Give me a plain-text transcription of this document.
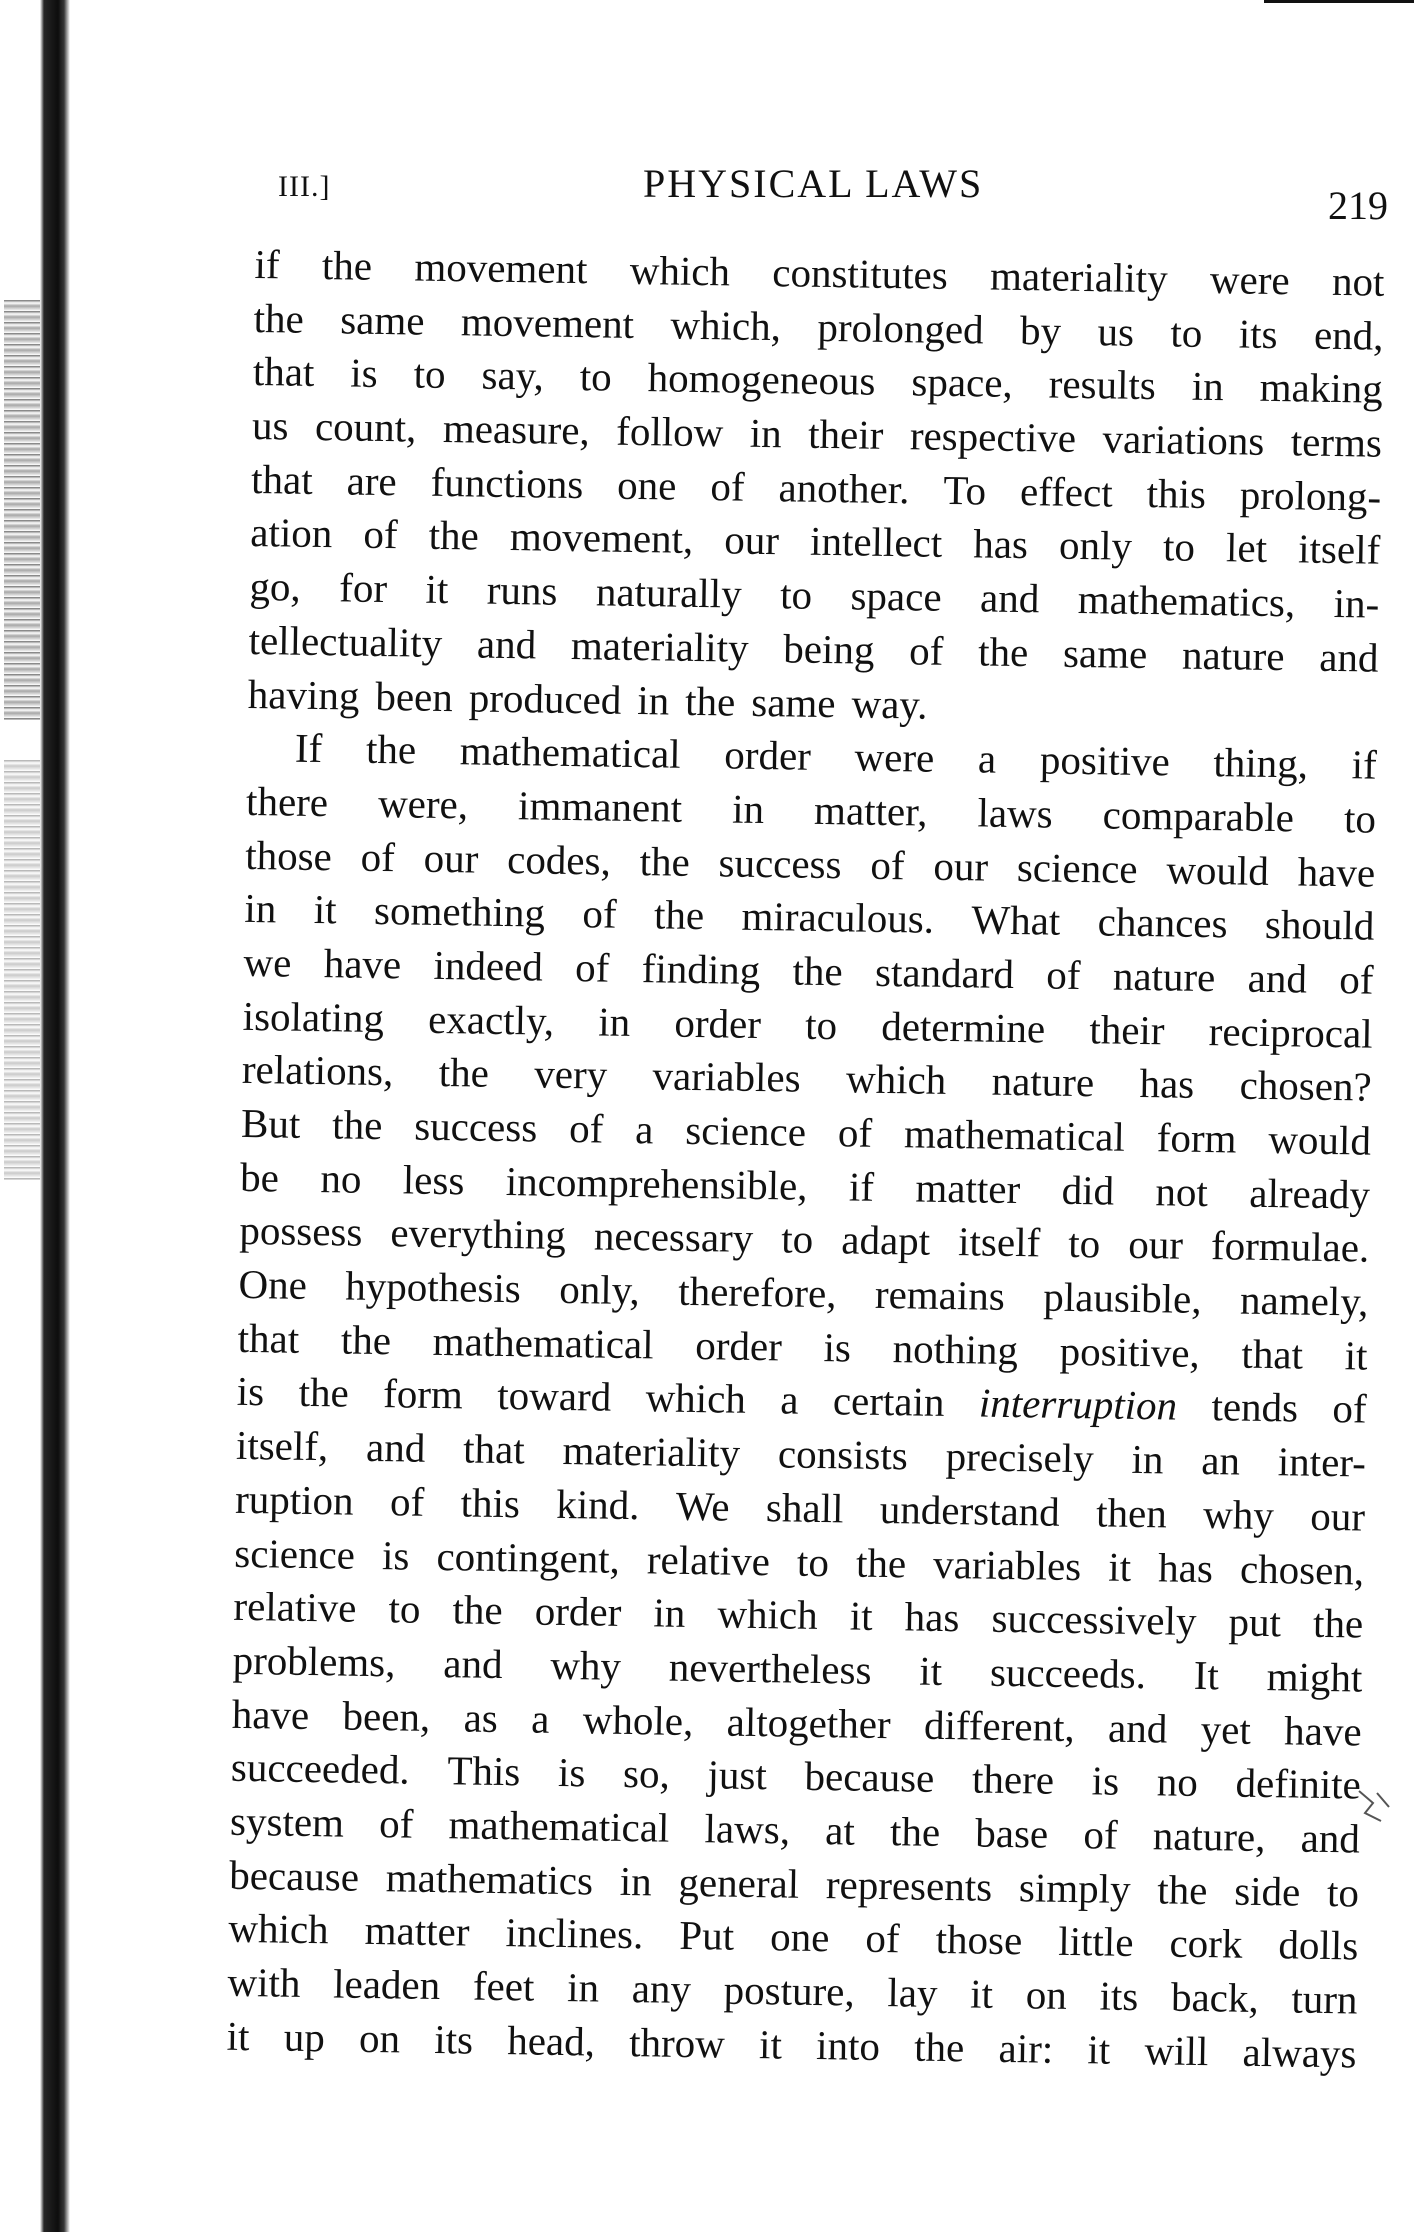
III.]	PHYSICAL LAWS	219
if the movement which constitutes materiality were not
the same movement which, prolonged by us to its end,
that is to say, to homogeneous space, results in making
us count, measure, follow in their respective variations terms
that are functions one of another. To effect this prolong-
ation of the movement, our intellect has only to let itself
go, for it runs naturally to space and mathematics, in-
tellectuality and materiality being of the same nature and
having been produced in the same way.
If the mathematical order were a positive thing, if
there were, immanent in matter, laws comparable to
those of our codes, the success of our science would have
in it something of the miraculous. What chances should
we have indeed of finding the standard of nature and of
isolating exactly, in order to determine their reciprocal
relations, the very variables which nature has chosen?
But the success of a science of mathematical form would
be no less incomprehensible, if matter did not already
possess everything necessary to adapt itself to our formulae.
One hypothesis only, therefore, remains plausible, namely,
that the mathematical order is nothing positive, that it
is the form toward which a certain interruption tends of
itself, and that materiality consists precisely in an inter-
ruption of this kind. We shall understand then why our
science is contingent, relative to the variables it has chosen,
relative to the order in which it has successively put the
problems, and why nevertheless it succeeds. It might
have been, as a whole, altogether different, and yet have
succeeded. This is so, just because there is no definite
system of mathematical laws, at the base of nature, and
because mathematics in general represents simply the side to
which matter inclines. Put one of those little cork dolls
with leaden feet in any posture, lay it on its back, turn
it up on its head, throw it into the air: it will always
